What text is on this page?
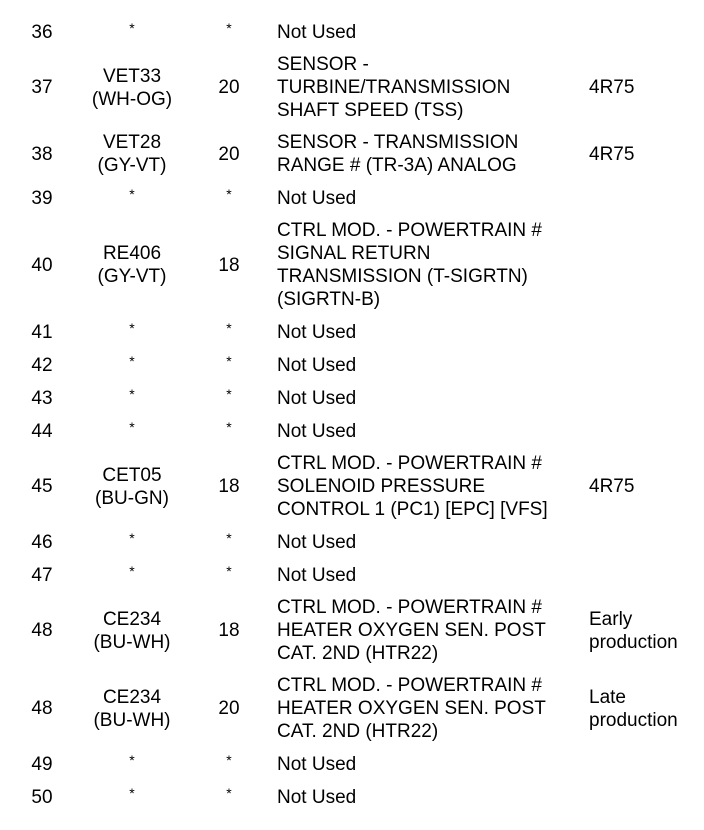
36	*	*	Not Used	

37	VET33
(WH-OG)	20	SENSOR -
TURBINE/TRANSMISSION
SHAFT SPEED (TSS)	4R75

38	VET28
(GY-VT)	20	SENSOR - TRANSMISSION
RANGE # (TR-3A) ANALOG	4R75

39	*	*	Not Used	

40	RE406
(GY-VT)	18	CTRL MOD. - POWERTRAIN #
SIGNAL RETURN
TRANSMISSION (T-SIGRTN)
(SIGRTN-B)	

41	*	*	Not Used	

42	*	*	Not Used	

43	*	*	Not Used	

44	*	*	Not Used	

45	CET05
(BU-GN)	18	CTRL MOD. - POWERTRAIN #
SOLENOID PRESSURE
CONTROL 1 (PC1) [EPC] [VFS]	4R75

46	*	*	Not Used	

47	*	*	Not Used	

48	CE234
(BU-WH)	18	CTRL MOD. - POWERTRAIN #
HEATER OXYGEN SEN. POST
CAT. 2ND (HTR22)	Early
production

48	CE234
(BU-WH)	20	CTRL MOD. - POWERTRAIN #
HEATER OXYGEN SEN. POST
CAT. 2ND (HTR22)	Late
production

49	*	*	Not Used	

50	*	*	Not Used	
